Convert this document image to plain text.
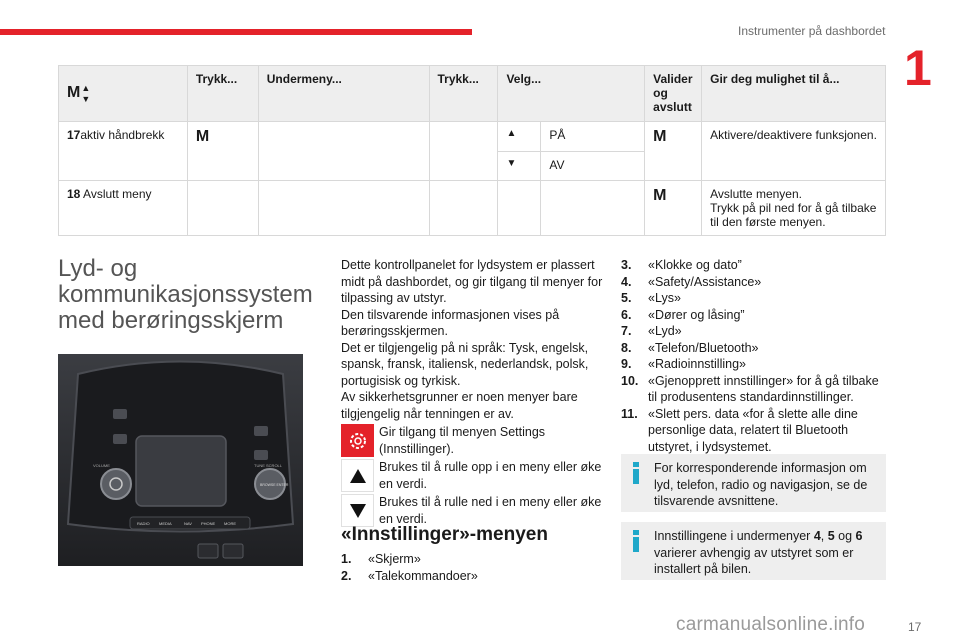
Instrumenter på dashbordet
1
M▲
▼	Trykk...	Undermeny...	Trykk...	Velg...		Valider og avslutt	Gir deg mulighet til å...
17aktiv håndbrekk	M			▲	PÅ	M	Aktivere/deaktivere funksjonen.
				▼	AV		
18 Avslutt meny						M	Avslutte menyen.
Trykk på pil ned for å gå tilbake til den første menyen.
Lyd- og kommunikasjonssystem med berøringsskjerm
VOLUME	TUNE SCROLL
BROWSE ENTER
RADIO MEDIA	NAV PHONE MORE

Dette kontrollpanelet for lydsystem er plassert midt på dashbordet, og gir tilgang til menyer for tilpassing av utstyr.

Den tilsvarende informasjonen vises på berøringsskjermen.

Det er tilgjengelig på ni språk: Tysk, engelsk, spansk, fransk, italiensk, nederlandsk, polsk, portugisisk og tyrkisk.

Av sikkerhetsgrunner er noen menyer bare tilgjengelig når tenningen er av.

Gir tilgang til menyen Settings (Innstillinger).

Brukes til å rulle opp i en meny eller øke en verdi.

Brukes til å rulle ned i en meny eller øke en verdi.

«Innstillinger»-menyen
1.	«Skjerm»
2.	«Talekommandoer»
3.	«Klokke og dato”
4.	«Safety/Assistance»
5.	«Lys»
6.	«Dører og låsing”
7.	«Lyd»
8.	«Telefon/Bluetooth»
9.	«Radioinnstilling»
10. «Gjenopprett innstillinger» for å gå tilbake til produsentens standardinnstillinger.
11. «Slett pers. data «for å slette alle dine personlige data, relatert til Bluetooth utstyret, i lydsystemet.

For korresponderende informasjon om lyd, telefon, radio og navigasjon, se de tilsvarende avsnittene.

Innstillingene i undermenyer 4, 5 og 6 varierer avhengig av utstyret som er installert på bilen.

carmanualsonline.info	17
